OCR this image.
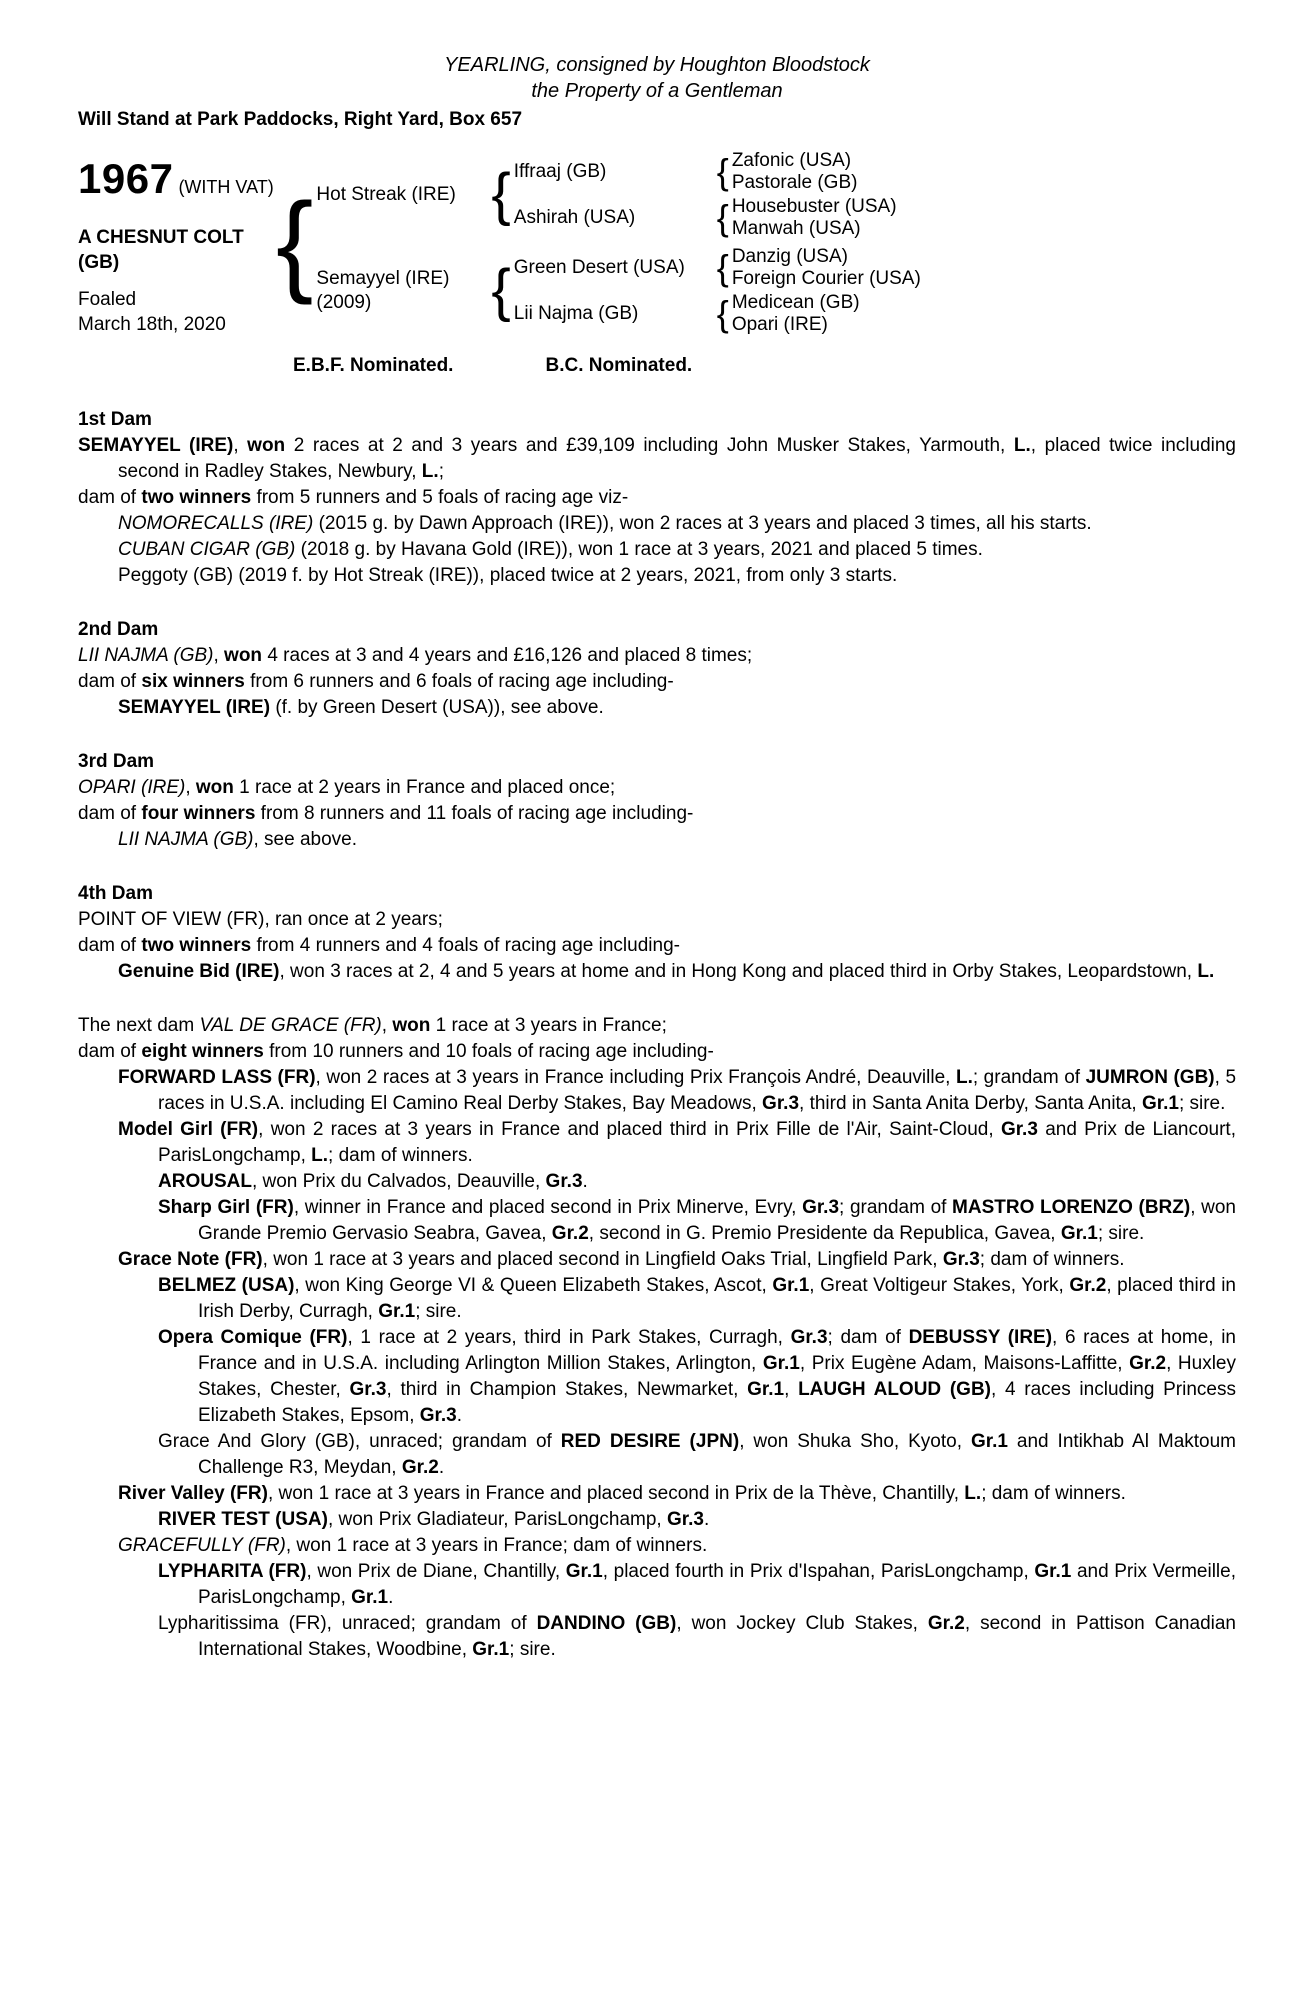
YEARLING, consigned by Houghton Bloodstock
the Property of a Gentleman
Will Stand at Park Paddocks, Right Yard, Box 657
1967 (WITH VAT)
A CHESNUT COLT (GB)
Foaled
March 18th, 2020
{ Hot Streak (IRE) { Iffraaj (GB)	{ Zafonic (USA)
Pastorale (GB)
Ashirah (USA)	{ Housebuster (USA)
Manwah (USA)
Semayyel (IRE)
(2009)	{ Green Desert (USA) { Danzig (USA)
Foreign Courier (USA)
Lii Najma (GB)	{ Medicean (GB)
Opari (IRE)
E.B.F. Nominated.	B.C. Nominated.
1st Dam

SEMAYYEL (IRE), won 2 races at 2 and 3 years and £39,109 including John Musker Stakes, Yarmouth, L., placed twice including second in Radley Stakes, Newbury, L.;

dam of two winners from 5 runners and 5 foals of racing age viz-

NOMORECALLS (IRE) (2015 g. by Dawn Approach (IRE)), won 2 races at 3 years and placed 3 times, all his starts.

CUBAN CIGAR (GB) (2018 g. by Havana Gold (IRE)), won 1 race at 3 years, 2021 and placed 5 times.

Peggoty (GB) (2019 f. by Hot Streak (IRE)), placed twice at 2 years, 2021, from only 3 starts.

2nd Dam

LII NAJMA (GB), won 4 races at 3 and 4 years and £16,126 and placed 8 times;

dam of six winners from 6 runners and 6 foals of racing age including-

SEMAYYEL (IRE) (f. by Green Desert (USA)), see above.

3rd Dam

OPARI (IRE), won 1 race at 2 years in France and placed once;

dam of four winners from 8 runners and 11 foals of racing age including-

LII NAJMA (GB), see above.

4th Dam

POINT OF VIEW (FR), ran once at 2 years;

dam of two winners from 4 runners and 4 foals of racing age including-

Genuine Bid (IRE), won 3 races at 2, 4 and 5 years at home and in Hong Kong and placed third in Orby Stakes, Leopardstown, L.

The next dam VAL DE GRACE (FR), won 1 race at 3 years in France;

dam of eight winners from 10 runners and 10 foals of racing age including-

FORWARD LASS (FR), won 2 races at 3 years in France including Prix François André, Deauville, L.; grandam of JUMRON (GB), 5 races in U.S.A. including El Camino Real Derby Stakes, Bay Meadows, Gr.3, third in Santa Anita Derby, Santa Anita, Gr.1; sire.

Model Girl (FR), won 2 races at 3 years in France and placed third in Prix Fille de l'Air, Saint-Cloud, Gr.3 and Prix de Liancourt, ParisLongchamp, L.; dam of winners.

AROUSAL, won Prix du Calvados, Deauville, Gr.3.

Sharp Girl (FR), winner in France and placed second in Prix Minerve, Evry, Gr.3; grandam of MASTRO LORENZO (BRZ), won Grande Premio Gervasio Seabra, Gavea, Gr.2, second in G. Premio Presidente da Republica, Gavea, Gr.1; sire.

Grace Note (FR), won 1 race at 3 years and placed second in Lingfield Oaks Trial, Lingfield Park, Gr.3; dam of winners.

BELMEZ (USA), won King George VI & Queen Elizabeth Stakes, Ascot, Gr.1, Great Voltigeur Stakes, York, Gr.2, placed third in Irish Derby, Curragh, Gr.1; sire.

Opera Comique (FR), 1 race at 2 years, third in Park Stakes, Curragh, Gr.3; dam of DEBUSSY (IRE), 6 races at home, in France and in U.S.A. including Arlington Million Stakes, Arlington, Gr.1, Prix Eugène Adam, Maisons-Laffitte, Gr.2, Huxley Stakes, Chester, Gr.3, third in Champion Stakes, Newmarket, Gr.1, LAUGH ALOUD (GB), 4 races including Princess Elizabeth Stakes, Epsom, Gr.3.

Grace And Glory (GB), unraced; grandam of RED DESIRE (JPN), won Shuka Sho, Kyoto, Gr.1 and Intikhab Al Maktoum Challenge R3, Meydan, Gr.2.

River Valley (FR), won 1 race at 3 years in France and placed second in Prix de la Thève, Chantilly, L.; dam of winners.

RIVER TEST (USA), won Prix Gladiateur, ParisLongchamp, Gr.3.

GRACEFULLY (FR), won 1 race at 3 years in France; dam of winners.

LYPHARITA (FR), won Prix de Diane, Chantilly, Gr.1, placed fourth in Prix d'Ispahan, ParisLongchamp, Gr.1 and Prix Vermeille, ParisLongchamp, Gr.1.

Lypharitissima (FR), unraced; grandam of DANDINO (GB), won Jockey Club Stakes, Gr.2, second in Pattison Canadian International Stakes, Woodbine, Gr.1; sire.
